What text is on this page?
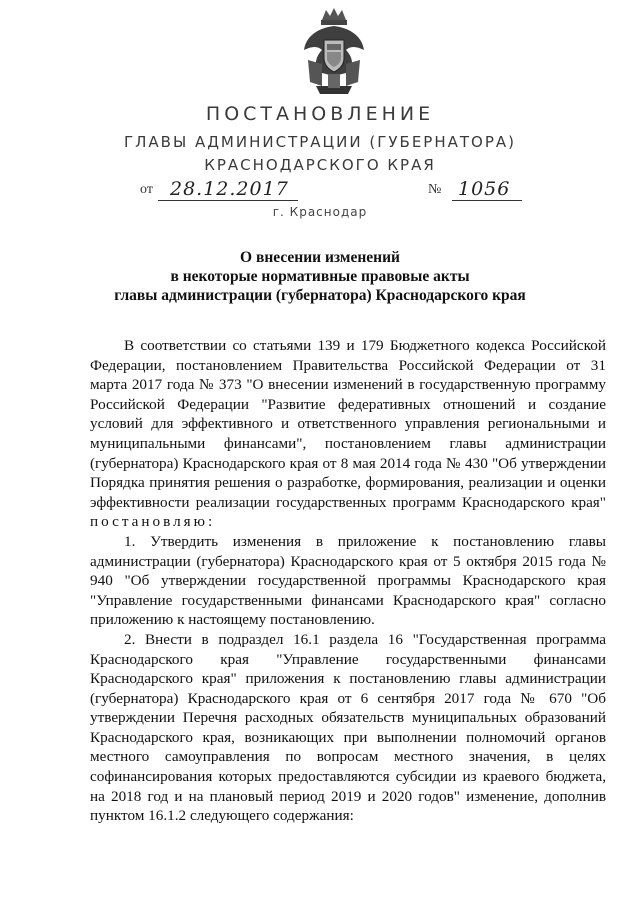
ПОСТАНОВЛЕНИЕ
ГЛАВЫ АДМИНИСТРАЦИИ (ГУБЕРНАТОРА)
КРАСНОДАРСКОГО КРАЯ
от 28.12.2017	№ 1056
г. Краснодар
О внесении изменений
в некоторые нормативные правовые акты
главы администрации (губернатора) Краснодарского края

В соответствии со статьями 139 и 179 Бюджетного кодекса Российской Федерации, постановлением Правительства Российской Федерации от 31 марта 2017 года № 373 "О внесении изменений в государственную программу Российской Федерации "Развитие федеративных отношений и создание условий для эффективного и ответственного управления региональными и муниципальными финансами", постановлением главы администрации (губернатора) Краснодарского края от 8 мая 2014 года № 430 "Об утверждении Порядка принятия решения о разработке, формирования, реализации и оценки эффективности реализации государственных программ Краснодарского края" постановляю:

1. Утвердить изменения в приложение к постановлению главы администрации (губернатора) Краснодарского края от 5 октября 2015 года № 940 "Об утверждении государственной программы Краснодарского края "Управление государственными финансами Краснодарского края" согласно приложению к настоящему постановлению.

2. Внести в подраздел 16.1 раздела 16 "Государственная программа Краснодарского края "Управление государственными финансами Краснодарского края" приложения к постановлению главы администрации (губернатора) Краснодарского края от 6 сентября 2017 года № 670 "Об утверждении Перечня расходных обязательств муниципальных образований Краснодарского края, возникающих при выполнении полномочий органов местного самоуправления по вопросам местного значения, в целях софинансирования которых предоставляются субсидии из краевого бюджета, на 2018 год и на плановый период 2019 и 2020 годов" изменение, дополнив пунктом 16.1.2 следующего содержания:
